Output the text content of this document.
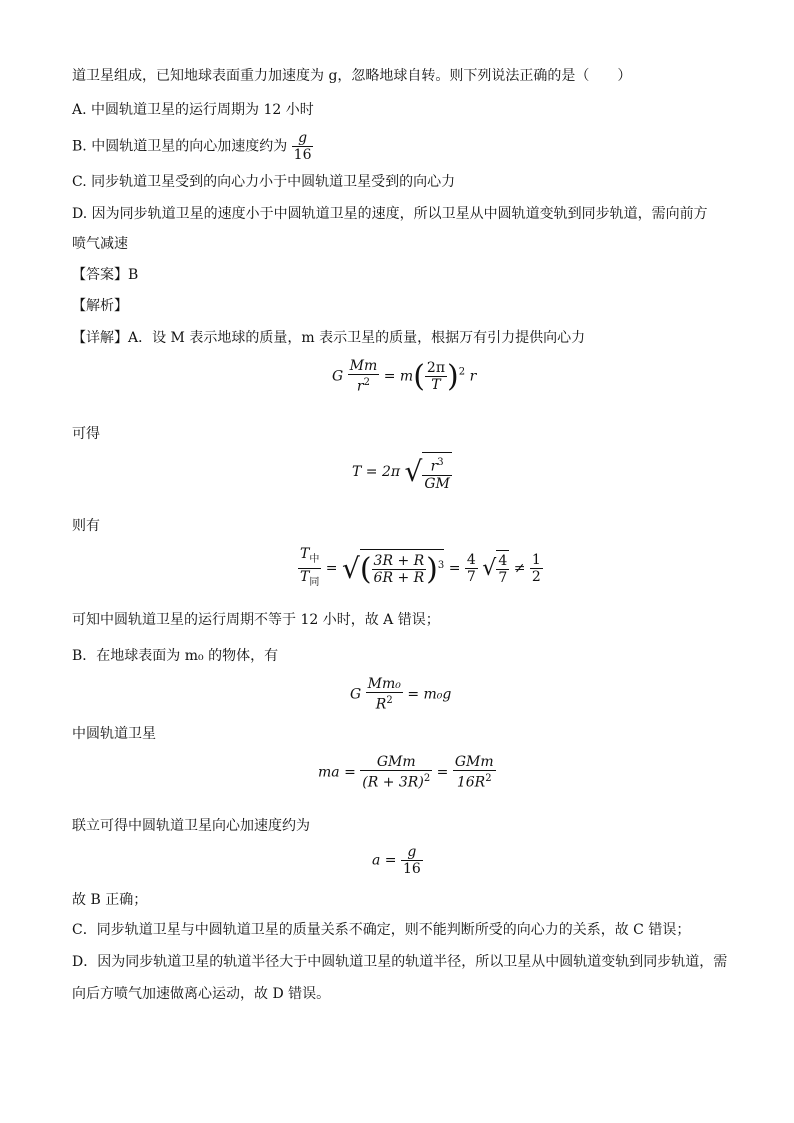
道卫星组成，已知地球表面重力加速度为 g，忽略地球自转。则下列说法正确的是（　　）
A. 中圆轨道卫星的运行周期为 12 小时
B. 中圆轨道卫星的向心加速度约为 $\frac{g}{16}$
C. 同步轨道卫星受到的向心力小于中圆轨道卫星受到的向心力
D. 因为同步轨道卫星的速度小于中圆轨道卫星的速度，所以卫星从中圆轨道变轨到同步轨道，需向前方
喷气减速
【答案】B
【解析】
【详解】A．设 M 表示地球的质量，m 表示卫星的质量，根据万有引力提供向心力
G $\frac{Mm}{r^2} = m( \frac{2\pi}{T} )^2$ r
可得
T = 2π √ $\frac{r^3}{GM}$
则有
$\frac{T_中}{T_同}$ = √( $\frac{3R + R}{6R + R} )^3 = \frac{4}{7}$ √ $\frac{4}{7} \ne \frac{1}{2}$
可知中圆轨道卫星的运行周期不等于 12 小时，故 A 错误；
B．在地球表面为 m₀ 的物体，有
G $\frac{\text{Mm₀}}{R^2} = m_0g$
中圆轨道卫星
ma = $\frac{\text{GMm}}{(R + 3R)^2} = \frac{\text{GMm}}{16R^2}$
联立可得中圆轨道卫星向心加速度约为
$a = \frac{g}{16}$
故 B 正确；
C．同步轨道卫星与中圆轨道卫星的质量关系不确定，则不能判断所受的向心力的关系，故 C 错误；
D．因为同步轨道卫星的轨道半径大于中圆轨道卫星的轨道半径，所以卫星从中圆轨道变轨到同步轨道，需
向后方喷气加速做离心运动，故 D 错误。
